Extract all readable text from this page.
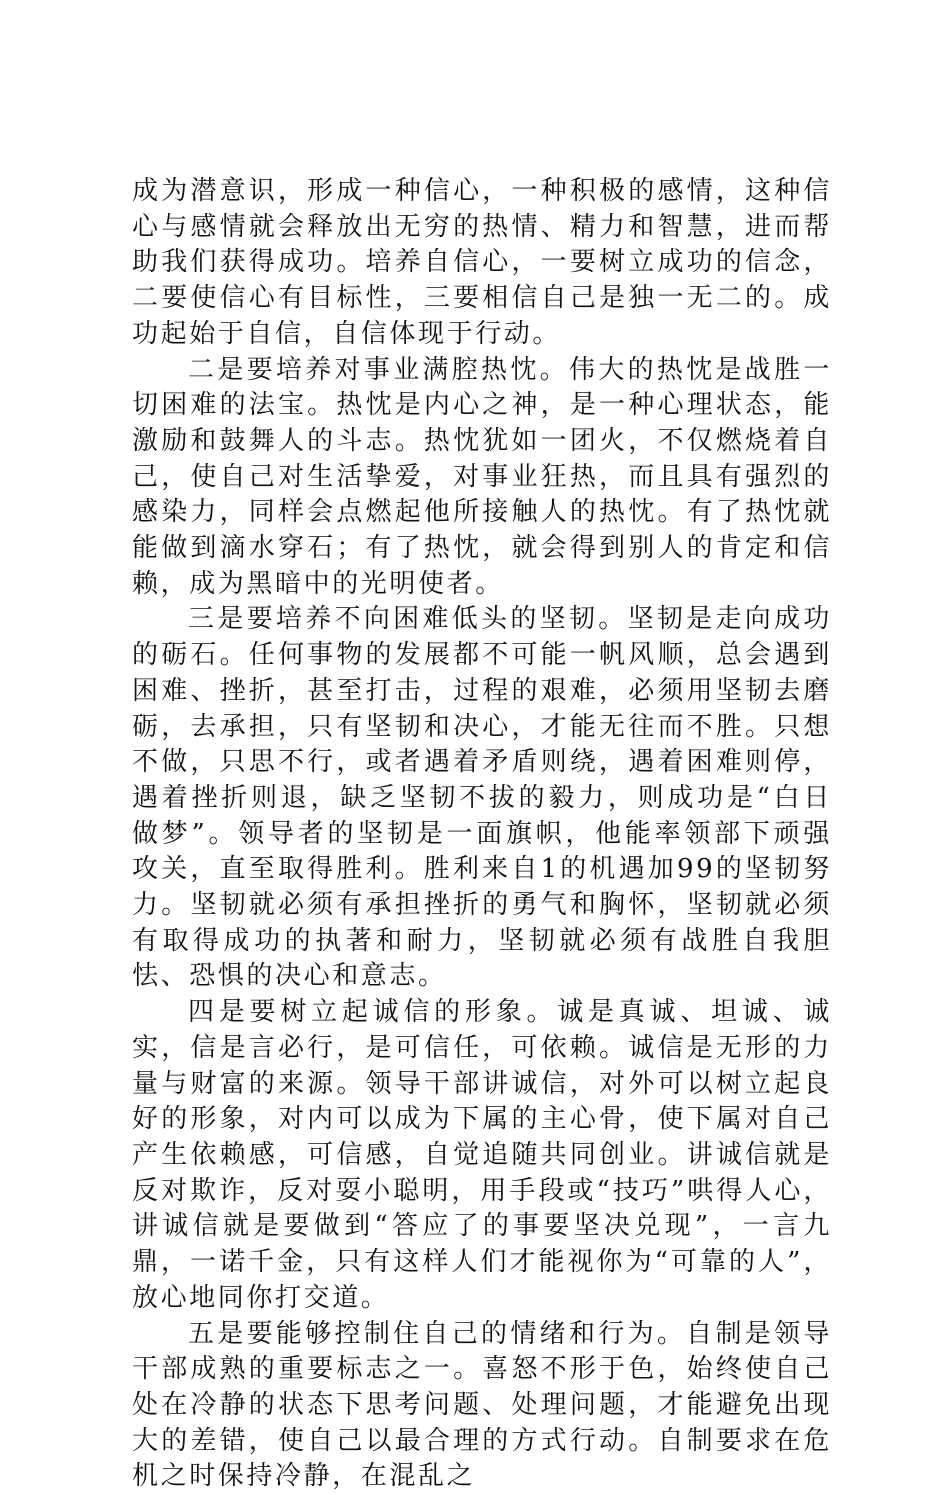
成为潜意识，形成一种信心，一种积极的感情，这种信心与感情就会释放出无穷的热情、精力和智慧，进而帮助我们获得成功。培养自信心，一要树立成功的信念，二要使信心有目标性，三要相信自己是独一无二的。成功起始于自信，自信体现于行动。

二是要培养对事业满腔热忱。伟大的热忱是战胜一切困难的法宝。热忱是内心之神，是一种心理状态，能激励和鼓舞人的斗志。热忱犹如一团火，不仅燃烧着自己，使自己对生活挚爱，对事业狂热，而且具有强烈的感染力，同样会点燃起他所接触人的热忱。有了热忱就能做到滴水穿石；有了热忱，就会得到别人的肯定和信赖，成为黑暗中的光明使者。

三是要培养不向困难低头的坚韧。坚韧是走向成功的砺石。任何事物的发展都不可能一帆风顺，总会遇到困难、挫折，甚至打击，过程的艰难，必须用坚韧去磨砺，去承担，只有坚韧和决心，才能无往而不胜。只想不做，只思不行，或者遇着矛盾则绕，遇着困难则停，遇着挫折则退，缺乏坚韧不拔的毅力，则成功是“白日做梦”。领导者的坚韧是一面旗帜，他能率领部下顽强攻关，直至取得胜利。胜利来自1的机遇加99的坚韧努力。坚韧就必须有承担挫折的勇气和胸怀，坚韧就必须有取得成功的执著和耐力，坚韧就必须有战胜自我胆怯、恐惧的决心和意志。

四是要树立起诚信的形象。诚是真诚、坦诚、诚实，信是言必行，是可信任，可依赖。诚信是无形的力量与财富的来源。领导干部讲诚信，对外可以树立起良好的形象，对内可以成为下属的主心骨，使下属对自己产生依赖感，可信感，自觉追随共同创业。讲诚信就是反对欺诈，反对耍小聪明，用手段或“技巧”哄得人心，讲诚信就是要做到“答应了的事要坚决兑现”，一言九鼎，一诺千金，只有这样人们才能视你为“可靠的人”，放心地同你打交道。

五是要能够控制住自己的情绪和行为。自制是领导干部成熟的重要标志之一。喜怒不形于色，始终使自己处在冷静的状态下思考问题、处理问题，才能避免出现大的差错，使自己以最合理的方式行动。自制要求在危机之时保持冷静，在混乱之
